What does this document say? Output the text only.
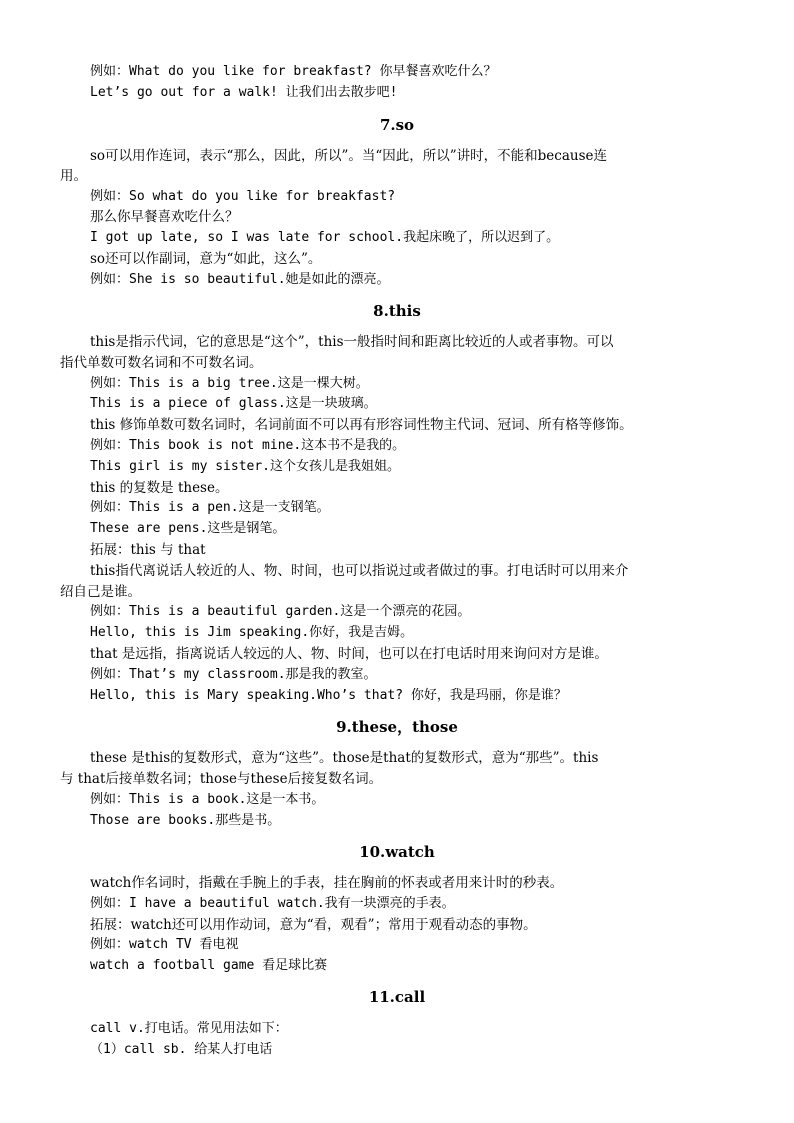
例如：What do you like for breakfast? 你早餐喜欢吃什么？
Let’s go out for a walk! 让我们出去散步吧!
7.so
so可以用作连词，表示“那么，因此，所以”。当“因此，所以”讲时，不能和because连
用。
例如：So what do you like for breakfast?
那么你早餐喜欢吃什么？
I got up late, so I was late for school.我起床晚了，所以迟到了。
so还可以作副词，意为“如此，这么”。
例如：She is so beautiful.她是如此的漂亮。
8.this
this是指示代词，它的意思是“这个”，this一般指时间和距离比较近的人或者事物。可以
指代单数可数名词和不可数名词。
例如：This is a big tree.这是一棵大树。
This is a piece of glass.这是一块玻璃。
this 修饰单数可数名词时，名词前面不可以再有形容词性物主代词、冠词、所有格等修饰。
例如：This book is not mine.这本书不是我的。
This girl is my sister.这个女孩儿是我姐姐。
this 的复数是 these。
例如：This is a pen.这是一支钢笔。
These are pens.这些是钢笔。
拓展：this 与 that
this指代离说话人较近的人、物、时间，也可以指说过或者做过的事。打电话时可以用来介
绍自己是谁。
例如：This is a beautiful garden.这是一个漂亮的花园。
Hello, this is Jim speaking.你好，我是吉姆。
that 是远指，指离说话人较远的人、物、时间，也可以在打电话时用来询问对方是谁。
例如：That’s my classroom.那是我的教室。
Hello, this is Mary speaking.Who’s that? 你好，我是玛丽，你是谁？
9.these，those
these 是this的复数形式，意为“这些”。those是that的复数形式，意为“那些”。this
与 that后接单数名词；those与these后接复数名词。
例如：This is a book.这是一本书。
Those are books.那些是书。
10.watch
watch作名词时，指戴在手腕上的手表，挂在胸前的怀表或者用来计时的秒表。
例如：I have a beautiful watch.我有一块漂亮的手表。
拓展：watch还可以用作动词，意为“看，观看”；常用于观看动态的事物。
例如：watch TV 看电视
watch a football game 看足球比赛
11.call
call v.打电话。常见用法如下：
（1）call sb. 给某人打电话
